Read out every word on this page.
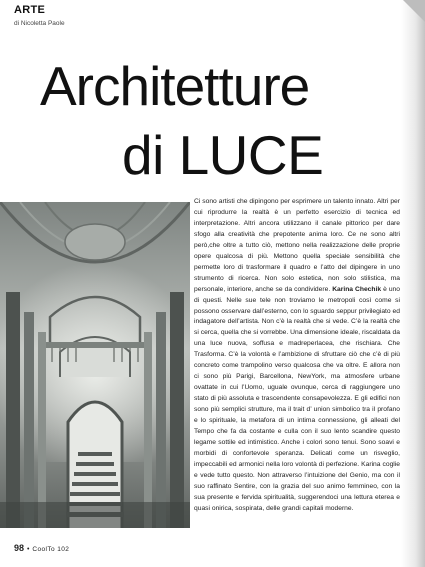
ARTE
di Nicoletta Paole
Architetture
di LUCE

Ci sono artisti che dipingono per esprimere un talento innato. Altri per cui riprodurre la realtà è un perfetto esercizio di tecnica ed interpretazione. Altri ancora utilizzano il canale pittorico per dare sfogo alla creatività che prepotente anima loro. Ce ne sono altri però,che oltre a tutto ciò, mettono nella realizzazione delle proprie opere qualcosa di più. Mettono quella speciale sensibilità che permette loro di trasformare il quadro e l’atto del dipingere in uno strumento di ricerca. Non solo estetica, non solo stilistica, ma personale, interiore, anche se da condividere. Karina Chechik è uno di questi. Nelle sue tele non troviamo le metropoli così come si possono osservare dall’esterno, con lo sguardo seppur privilegiato ed indagatore dell’artista. Non c’è la realtà che si vede. C’è la realtà che si cerca, quella che si vorrebbe. Una dimensione ideale, riscaldata da una luce nuova, soffusa e madreperlacea, che rischiara. Che Trasforma. C’è la volontà e l’ambizione di sfruttare ciò che c’è di più concreto come trampolino verso qualcosa che va oltre. E allora non ci sono più Parigi, Barcellona, NewYork, ma atmosfere urbane ovattate in cui l’Uomo, uguale ovunque, cerca di raggiungere uno stato di più assoluta e trascendente consapevolezza. E gli edifici non sono più semplici strutture, ma il trait d’ union simbolico tra il profano e lo spirituale, la metafora di un intima connessione, gli alleati del Tempo che fa da costante e culla con il suo lento scandire questo legame sottile ed intimistico. Anche i colori sono tenui. Sono soavi e morbidi di confortevole speranza. Delicati come un risveglio, impeccabili ed armonici nella loro volontà di perfezione. Karina coglie e vede tutto questo. Non attraverso l’intuizione del Genio, ma con il suo raffinato Sentire, con la grazia del suo animo femmineo, con la sua presente e fervida spiritualità, suggerendoci una lettura eterea e quasi onirica, sospirata, delle grandi capitali moderne.

98 • CoolTo 102
